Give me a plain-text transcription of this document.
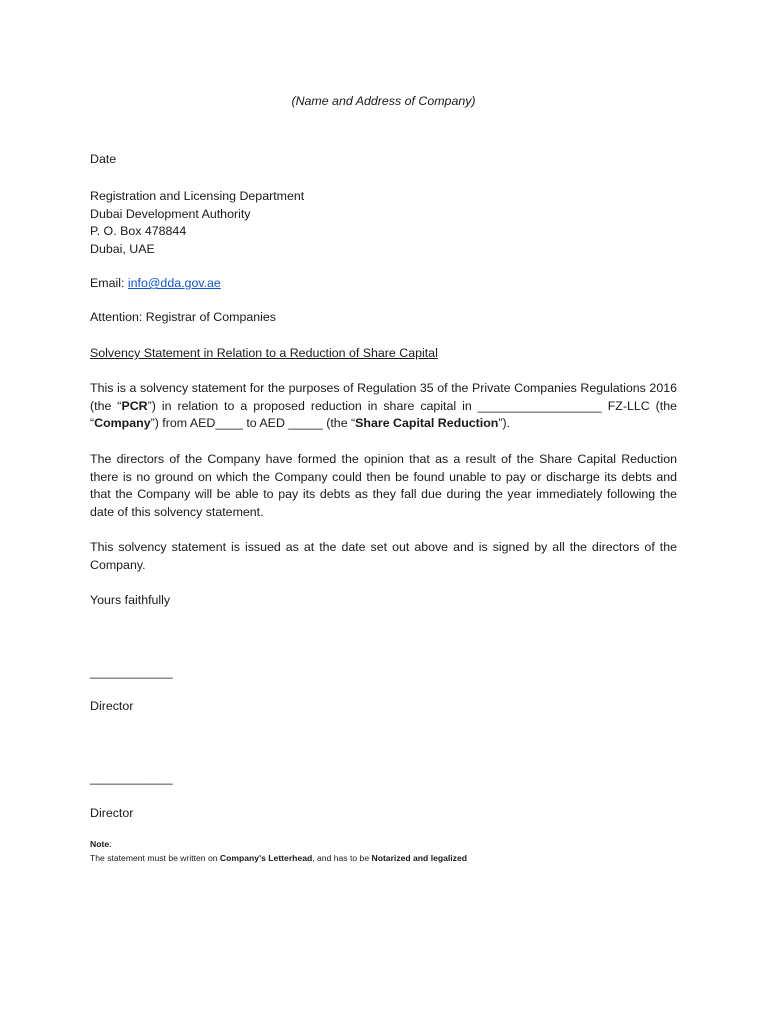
(Name and Address of Company)
Date
Registration and Licensing Department
Dubai Development Authority
P. O. Box 478844
Dubai, UAE
Email: info@dda.gov.ae
Attention: Registrar of Companies
Solvency Statement in Relation to a Reduction of Share Capital
This is a solvency statement for the purposes of Regulation 35 of the Private Companies Regulations 2016 (the “PCR”) in relation to a proposed reduction in share capital in __________________ FZ-LLC (the “Company”) from AED____ to AED _____ (the “Share Capital Reduction”).
The directors of the Company have formed the opinion that as a result of the Share Capital Reduction there is no ground on which the Company could then be found unable to pay or discharge its debts and that the Company will be able to pay its debts as they fall due during the year immediately following the date of this solvency statement.
This solvency statement is issued as at the date set out above and is signed by all the directors of the Company.
Yours faithfully
____________
Director
____________
Director
Note:
The statement must be written on Company's Letterhead, and has to be Notarized and legalized
